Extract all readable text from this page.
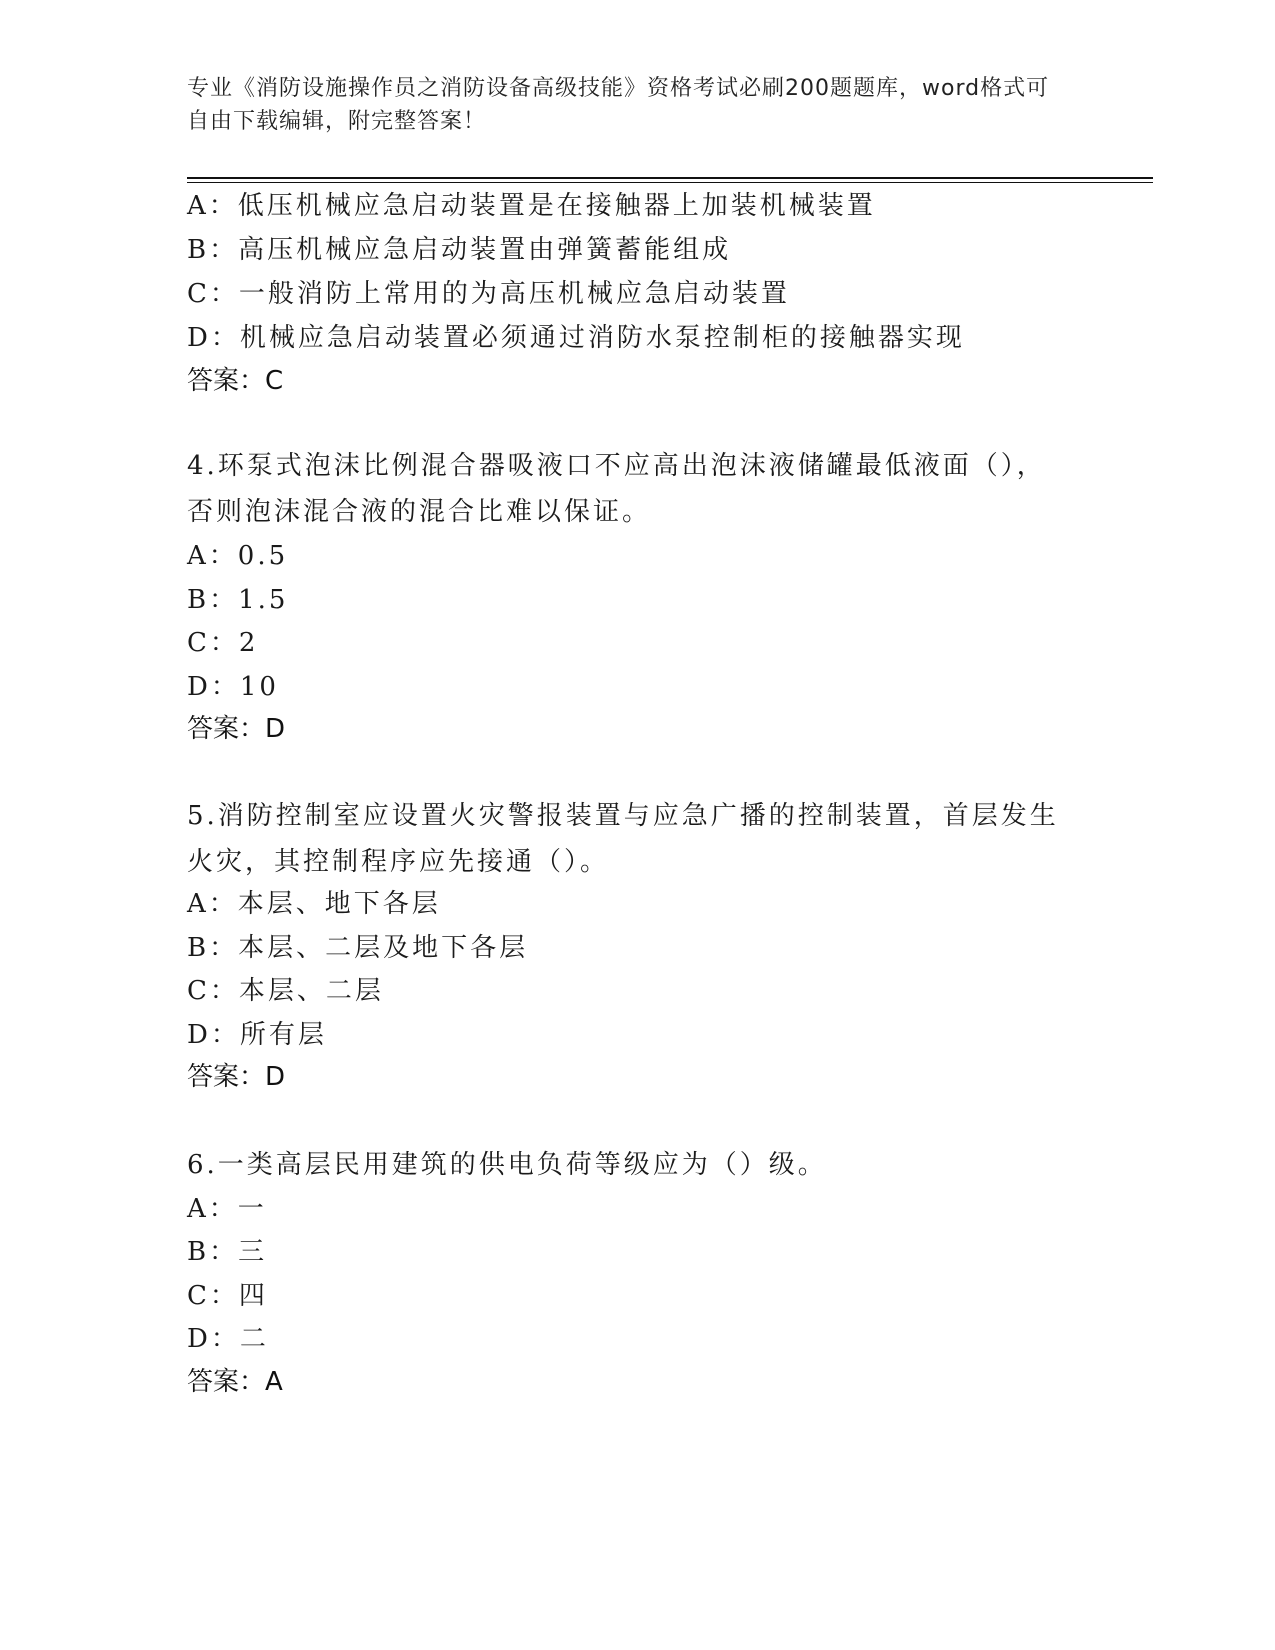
专业《消防设施操作员之消防设备高级技能》资格考试必刷200题题库，word格式可自由下载编辑，附完整答案！
A：低压机械应急启动装置是在接触器上加装机械装置
B：高压机械应急启动装置由弹簧蓄能组成
C：一般消防上常用的为高压机械应急启动装置
D：机械应急启动装置必须通过消防水泵控制柜的接触器实现
答案：C
4.环泵式泡沫比例混合器吸液口不应高出泡沫液储罐最低液面（），否则泡沫混合液的混合比难以保证。
A：0.5
B：1.5
C：2
D：10
答案：D
5.消防控制室应设置火灾警报装置与应急广播的控制装置，首层发生火灾，其控制程序应先接通（）。
A：本层、地下各层
B：本层、二层及地下各层
C：本层、二层
D：所有层
答案：D
6.一类高层民用建筑的供电负荷等级应为（）级。
A：一
B：三
C：四
D：二
答案：A
